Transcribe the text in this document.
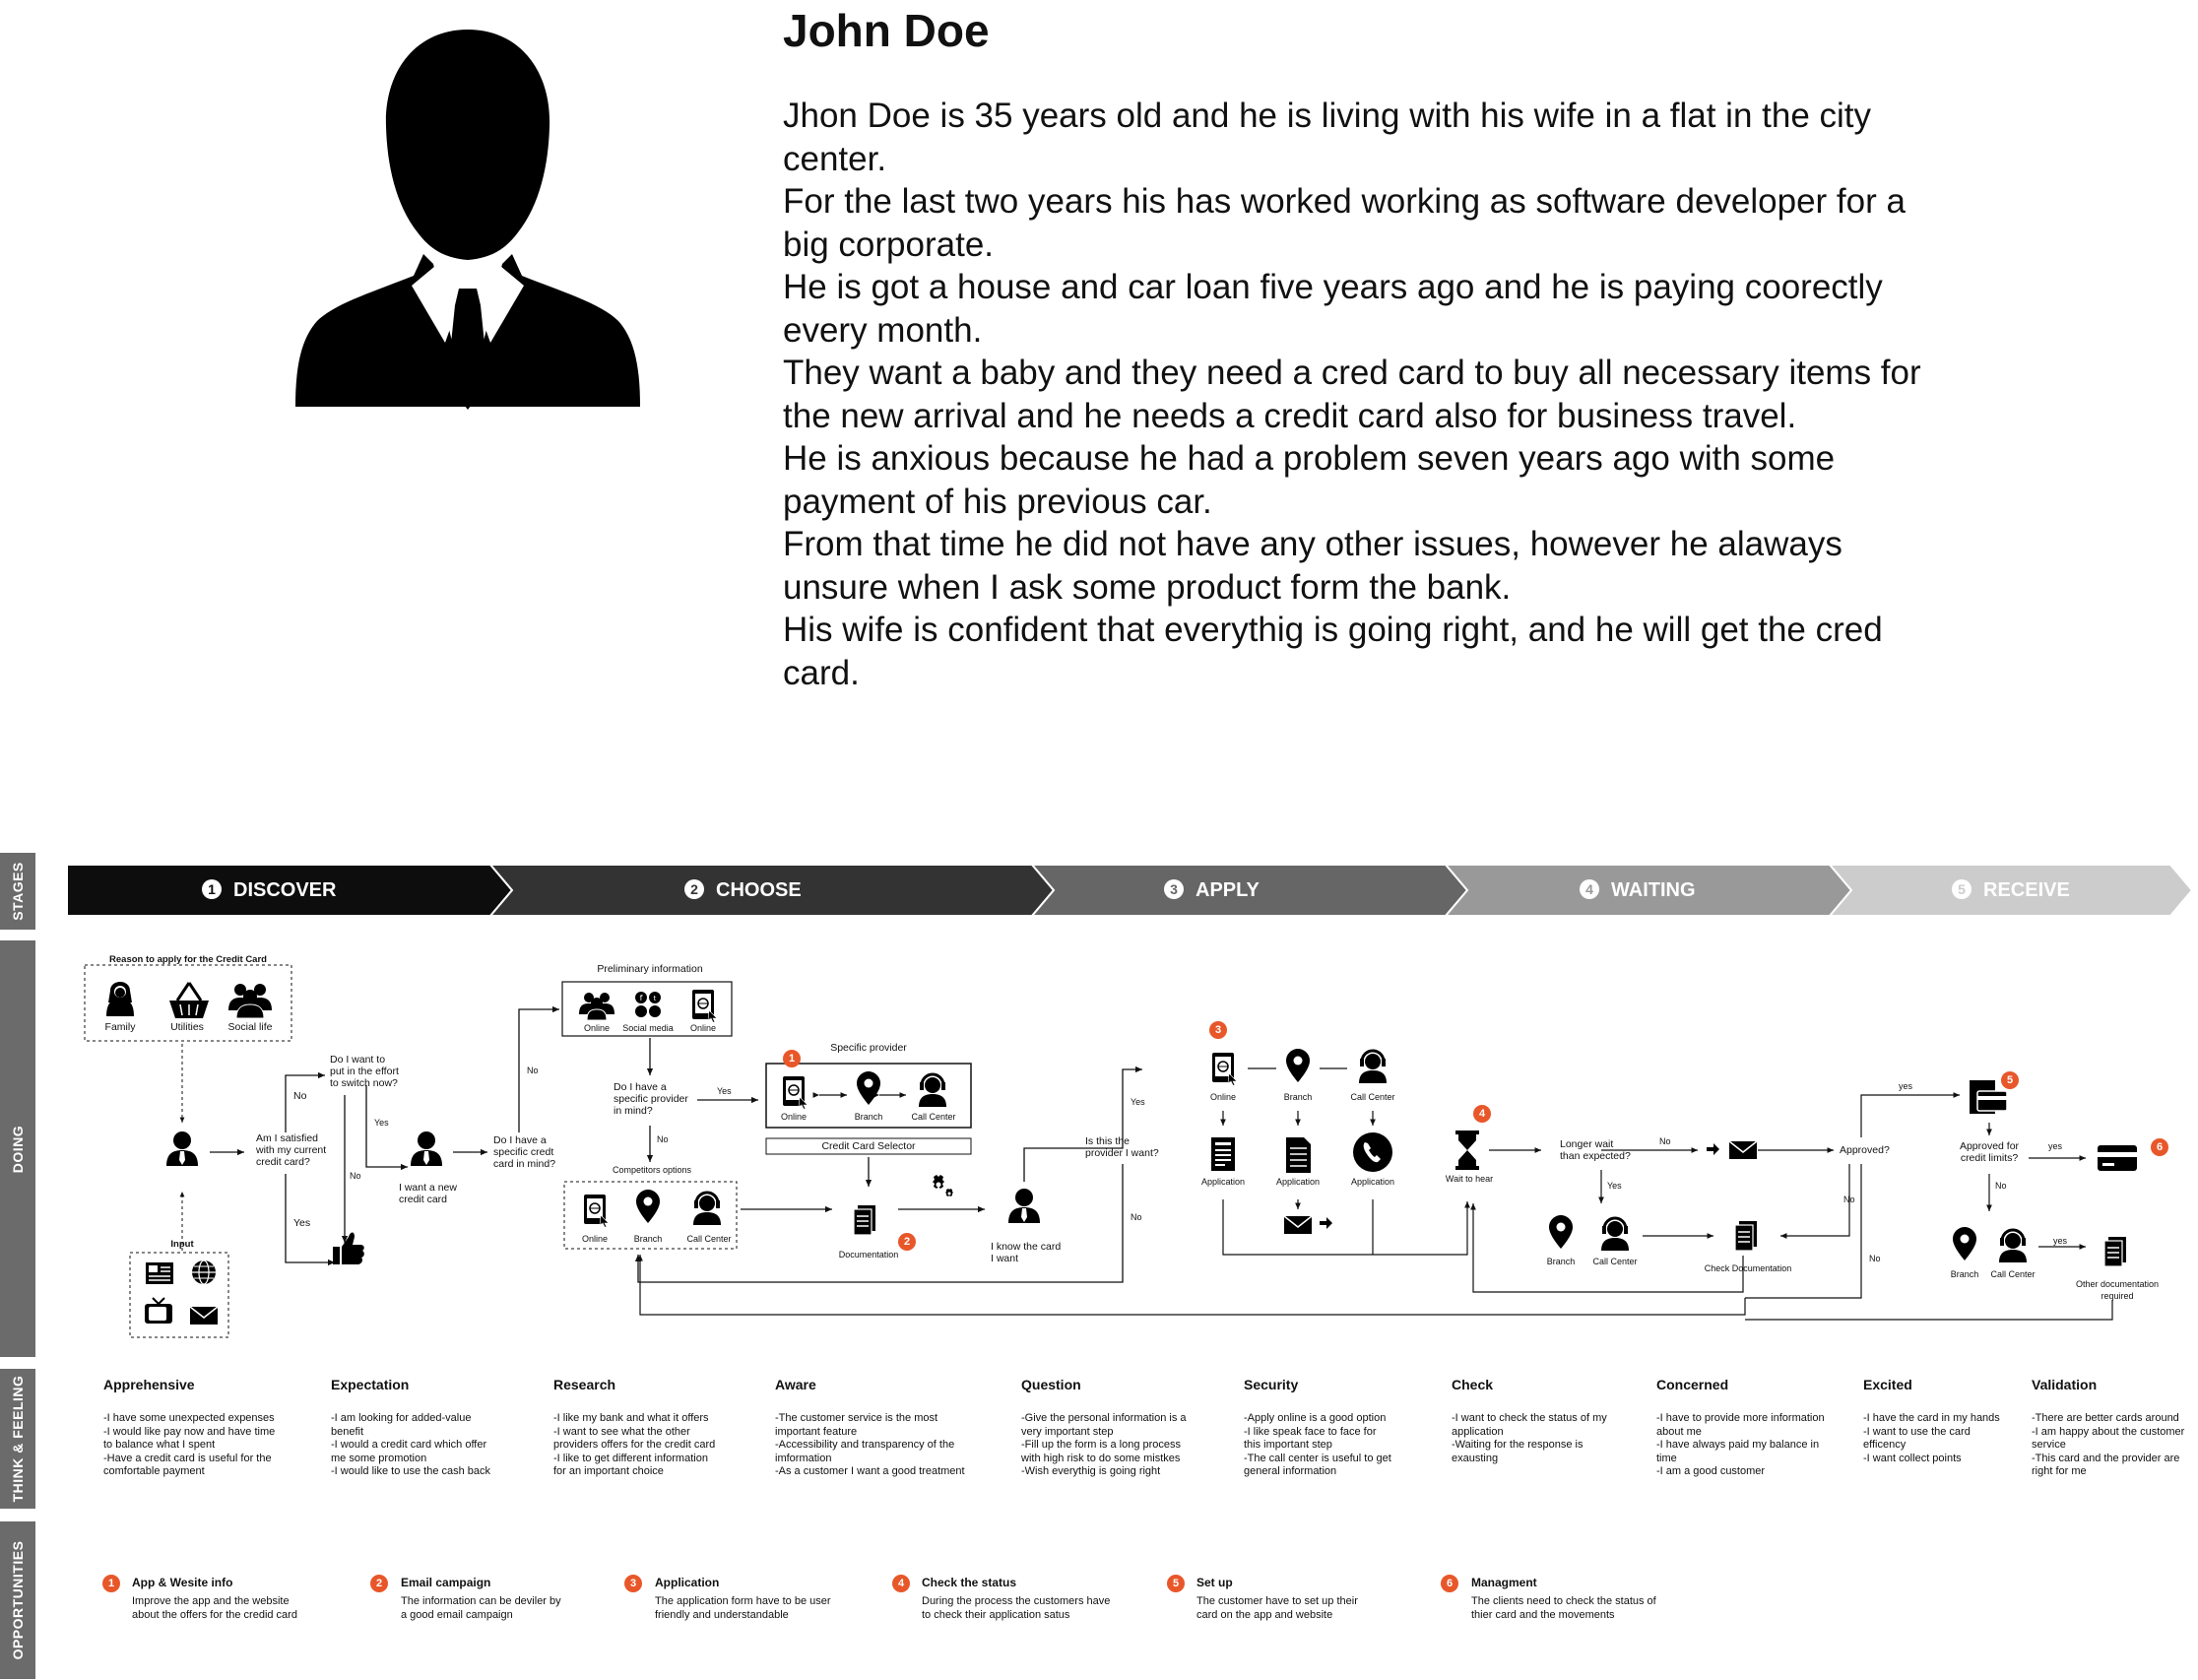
John Doe

Jhon Doe is 35 years old and he is living with his wife in a flat in the city center.

For the last two years his has worked working as software developer for a big corporate.

He is got a house and car loan five years ago and he is paying coorectly every month.

They want a baby and they need a cred card to buy all necessary items for the new arrival and he needs a credit card also for business travel.

He is anxious because he had a problem seven years ago with some payment of his previous car.

From that time he did not have any other issues, however he alaways unsure when I ask some product form the bank.

His wife is confident that everythig is going right, and he will get the cred card.

STAGES
DOING
THINK & FEELING
OPPORTUNITIES
1 DISCOVER	2 CHOOSE	3 APPLY	4 WAITING	5 RECEIVE
f t
Reason to apply for the Credit Card
Family	Utilities Social life
Input
Am I satisfied
with my current
credit card?
No
Yes
Do I want to
put in the effort
to switch now?
Yes
No
I want a new
credit card
Do I have a
specific credt
card in mind?
No
Preliminary information
Online Social media Online
Do I have a
specific provider
in mind?
Yes
No
Specific provider
Online	Branch	Call Center
Credit Card Selector
Competitors options
Online	Branch	Call Center
Documentation
I know the card
I want
Is this the
provider I want?
Yes
No
Online	Branch	Call Center
Application	Application	Application	Wait to hear
Longer wait
than expected?
No
Yes
Branch Call Center
Check Documentation
Approved?
No
No
yes
Approved for
credit limits?
yes
No
Branch Call Center
yes
Other documentation
required
1
2
3
4
5
6
Apprehensive
-I have some unexpected expenses
-I would like pay now and have time
to balance what I spent
-Have a credit card is useful for the
comfortable payment
Expectation
-I am looking for added-value
benefit
-I would a credit card which offer
me some promotion
-I would like to use the cash back
Research
-I like my bank and what it offers
-I want to see what the other
providers offers for the credit card
-I like to get different information
for an important choice
Aware
-The customer service is the most
important feature
-Accessibility and transparency of the
imformation
-As a customer I want a good treatment
Question
-Give the personal information is a
very important step
-Fill up the form is a long process
with high risk to do some mistkes
-Wish everythig is going right
Security
-Apply online is a good option
-I like speak face to face for
this important step
-The call center is useful to get
general information
Check
-I want to check the status of my
application
-Waiting for the response is
exausting
Concerned
-I have to provide more information
about me
-I have always paid my balance in
time
-I am a good customer
Excited
-I have the card in my hands
-I want to use the card
efficency
-I want collect points
Validation
-There are better cards around
-I am happy about the customer
service
-This card and the provider are
right for me
1	App & Wesite info
Improve the app and the website
about the offers for the credid card
2	Email campaign
The information can be deviler by
a good email campaign
3	Application
The application form have to be user
friendly and understandable
4	Check the status
During the process the customers have
to check their application satus
5	Set up
The customer have to set up their
card on the app and website
6	Managment
The clients need to check the status of
thier card and the movements
